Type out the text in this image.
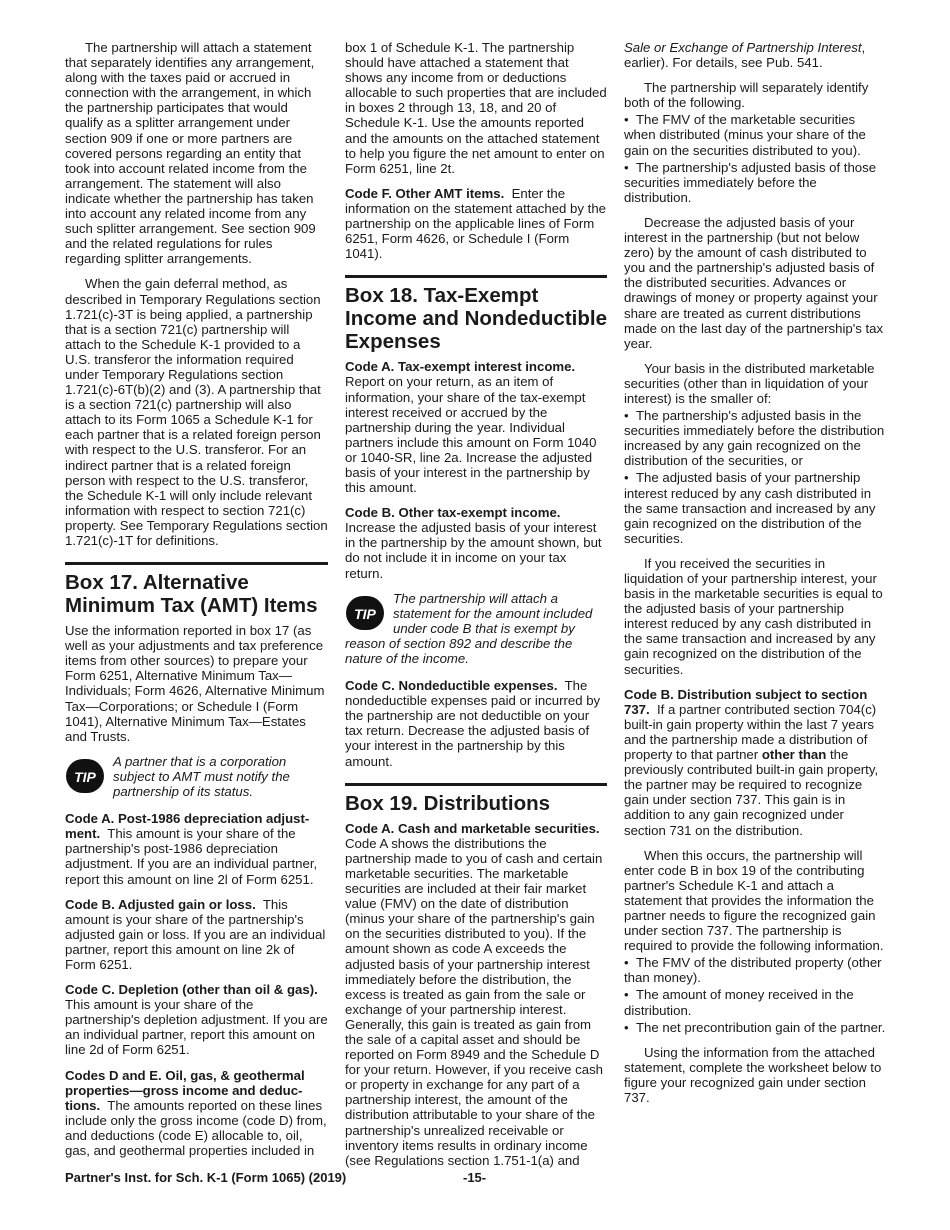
The partnership will attach a statement that separately identifies any arrangement, along with the taxes paid or accrued in connection with the arrangement, in which the partnership participates that would qualify as a splitter arrangement under section 909 if one or more partners are covered persons regarding an entity that took into account related income from the arrangement. The statement will also indicate whether the partnership has taken into account any related income from any such splitter arrangement. See section 909 and the related regulations for rules regarding splitter arrangements.

When the gain deferral method, as described in Temporary Regulations section 1.721(c)-3T is being applied, a partnership that is a section 721(c) partnership will attach to the Schedule K-1 provided to a U.S. transferor the information required under Temporary Regulations section 1.721(c)-6T(b)(2) and (3). A partnership that is a section 721(c) partnership will also attach to its Form 1065 a Schedule K-1 for each partner that is a related foreign person with respect to the U.S. transferor. For an indirect partner that is a related foreign person with respect to the U.S. transferor, the Schedule K-1 will only include relevant information with respect to section 721(c) property. See Temporary Regulations section 1.721(c)-1T for definitions.

Box 17. Alternative Minimum Tax (AMT) Items

Use the information reported in box 17 (as well as your adjustments and tax preference items from other sources) to prepare your Form 6251, Alternative Minimum Tax—Individuals; Form 4626, Alternative Minimum Tax—Corporations; or Schedule I (Form 1041), Alternative Minimum Tax—Estates and Trusts.

TIP
A partner that is a corporation subject to AMT must notify the partnership of its status.

Code A. Post-1986 depreciation adjust-ment. This amount is your share of the partnership's post-1986 depreciation adjustment. If you are an individual partner, report this amount on line 2l of Form 6251.

Code B. Adjusted gain or loss. This amount is your share of the partnership's adjusted gain or loss. If you are an individual partner, report this amount on line 2k of Form 6251.

Code C. Depletion (other than oil & gas). This amount is your share of the partnership's depletion adjustment. If you are an individual partner, report this amount on line 2d of Form 6251.

Codes D and E. Oil, gas, & geothermal properties—gross income and deduc-tions. The amounts reported on these lines include only the gross income (code D) from, and deductions (code E) allocable to, oil, gas, and geothermal properties included in

box 1 of Schedule K-1. The partnership should have attached a statement that shows any income from or deductions allocable to such properties that are included in boxes 2 through 13, 18, and 20 of Schedule K-1. Use the amounts reported and the amounts on the attached statement to help you figure the net amount to enter on Form 6251, line 2t.

Code F. Other AMT items. Enter the information on the statement attached by the partnership on the applicable lines of Form 6251, Form 4626, or Schedule I (Form 1041).

Box 18. Tax-Exempt Income and Nondeductible Expenses

Code A. Tax-exempt interest income. Report on your return, as an item of information, your share of the tax-exempt interest received or accrued by the partnership during the year. Individual partners include this amount on Form 1040 or 1040-SR, line 2a. Increase the adjusted basis of your interest in the partnership by this amount.

Code B. Other tax-exempt income. Increase the adjusted basis of your interest in the partnership by the amount shown, but do not include it in income on your tax return.

TIP
The partnership will attach a statement for the amount included under code B that is exempt by reason of section 892 and describe the nature of the income.

Code C. Nondeductible expenses. The nondeductible expenses paid or incurred by the partnership are not deductible on your tax return. Decrease the adjusted basis of your interest in the partnership by this amount.

Box 19. Distributions

Code A. Cash and marketable securities. Code A shows the distributions the partnership made to you of cash and certain marketable securities. The marketable securities are included at their fair market value (FMV) on the date of distribution (minus your share of the partnership's gain on the securities distributed to you). If the amount shown as code A exceeds the adjusted basis of your partnership interest immediately before the distribution, the excess is treated as gain from the sale or exchange of your partnership interest. Generally, this gain is treated as gain from the sale of a capital asset and should be reported on Form 8949 and the Schedule D for your return. However, if you receive cash or property in exchange for any part of a partnership interest, the amount of the distribution attributable to your share of the partnership's unrealized receivable or inventory items results in ordinary income (see Regulations section 1.751-1(a) and

Sale or Exchange of Partnership Interest, earlier). For details, see Pub. 541.

The partnership will separately identify both of the following.

• The FMV of the marketable securities when distributed (minus your share of the gain on the securities distributed to you).
• The partnership's adjusted basis of those securities immediately before the distribution.

Decrease the adjusted basis of your interest in the partnership (but not below zero) by the amount of cash distributed to you and the partnership's adjusted basis of the distributed securities. Advances or drawings of money or property against your share are treated as current distributions made on the last day of the partnership's tax year.

Your basis in the distributed marketable securities (other than in liquidation of your interest) is the smaller of:

• The partnership's adjusted basis in the securities immediately before the distribution increased by any gain recognized on the distribution of the securities, or
• The adjusted basis of your partnership interest reduced by any cash distributed in the same transaction and increased by any gain recognized on the distribution of the securities.

If you received the securities in liquidation of your partnership interest, your basis in the marketable securities is equal to the adjusted basis of your partnership interest reduced by any cash distributed in the same transaction and increased by any gain recognized on the distribution of the securities.

Code B. Distribution subject to section 737. If a partner contributed section 704(c) built-in gain property within the last 7 years and the partnership made a distribution of property to that partner other than the previously contributed built-in gain property, the partner may be required to recognize gain under section 737. This gain is in addition to any gain recognized under section 731 on the distribution.

When this occurs, the partnership will enter code B in box 19 of the contributing partner's Schedule K-1 and attach a statement that provides the information the partner needs to figure the recognized gain under section 737. The partnership is required to provide the following information.

• The FMV of the distributed property (other than money).
• The amount of money received in the distribution.
• The net precontribution gain of the partner.

Using the information from the attached statement, complete the worksheet below to figure your recognized gain under section 737.

Partner's Inst. for Sch. K-1 (Form 1065) (2019)	-15-
